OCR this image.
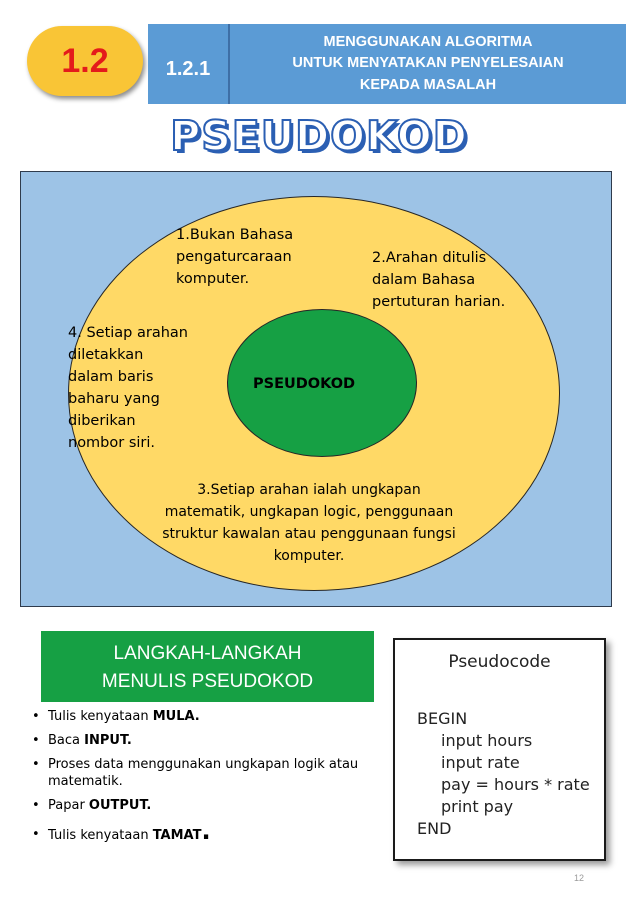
1.2	1.2.1
MENGGUNAKAN ALGORITMA
UNTUK MENYATAKAN PENYELESAIAN
KEPADA MASALAH
PSEUDOKOD
PSEUDOKOD
1.Bukan Bahasa
pengaturcaraan
komputer.
2.Arahan ditulis
dalam Bahasa
pertuturan harian.
4. Setiap arahan
diletakkan
dalam baris
baharu yang
diberikan
nombor siri.
3.Setiap arahan ialah ungkapan
matematik, ungkapan logic, penggunaan
struktur kawalan atau penggunaan fungsi
komputer.
LANGKAH-LANGKAH
MENULIS PSEUDOKOD
• Tulis kenyataan MULA.
• Baca INPUT.
• Proses data menggunakan ungkapan logik atau matematik.
• Papar OUTPUT.
• Tulis kenyataan TAMAT.
Pseudocode
BEGIN
input hours
input rate
pay = hours * rate
print pay
END
12
